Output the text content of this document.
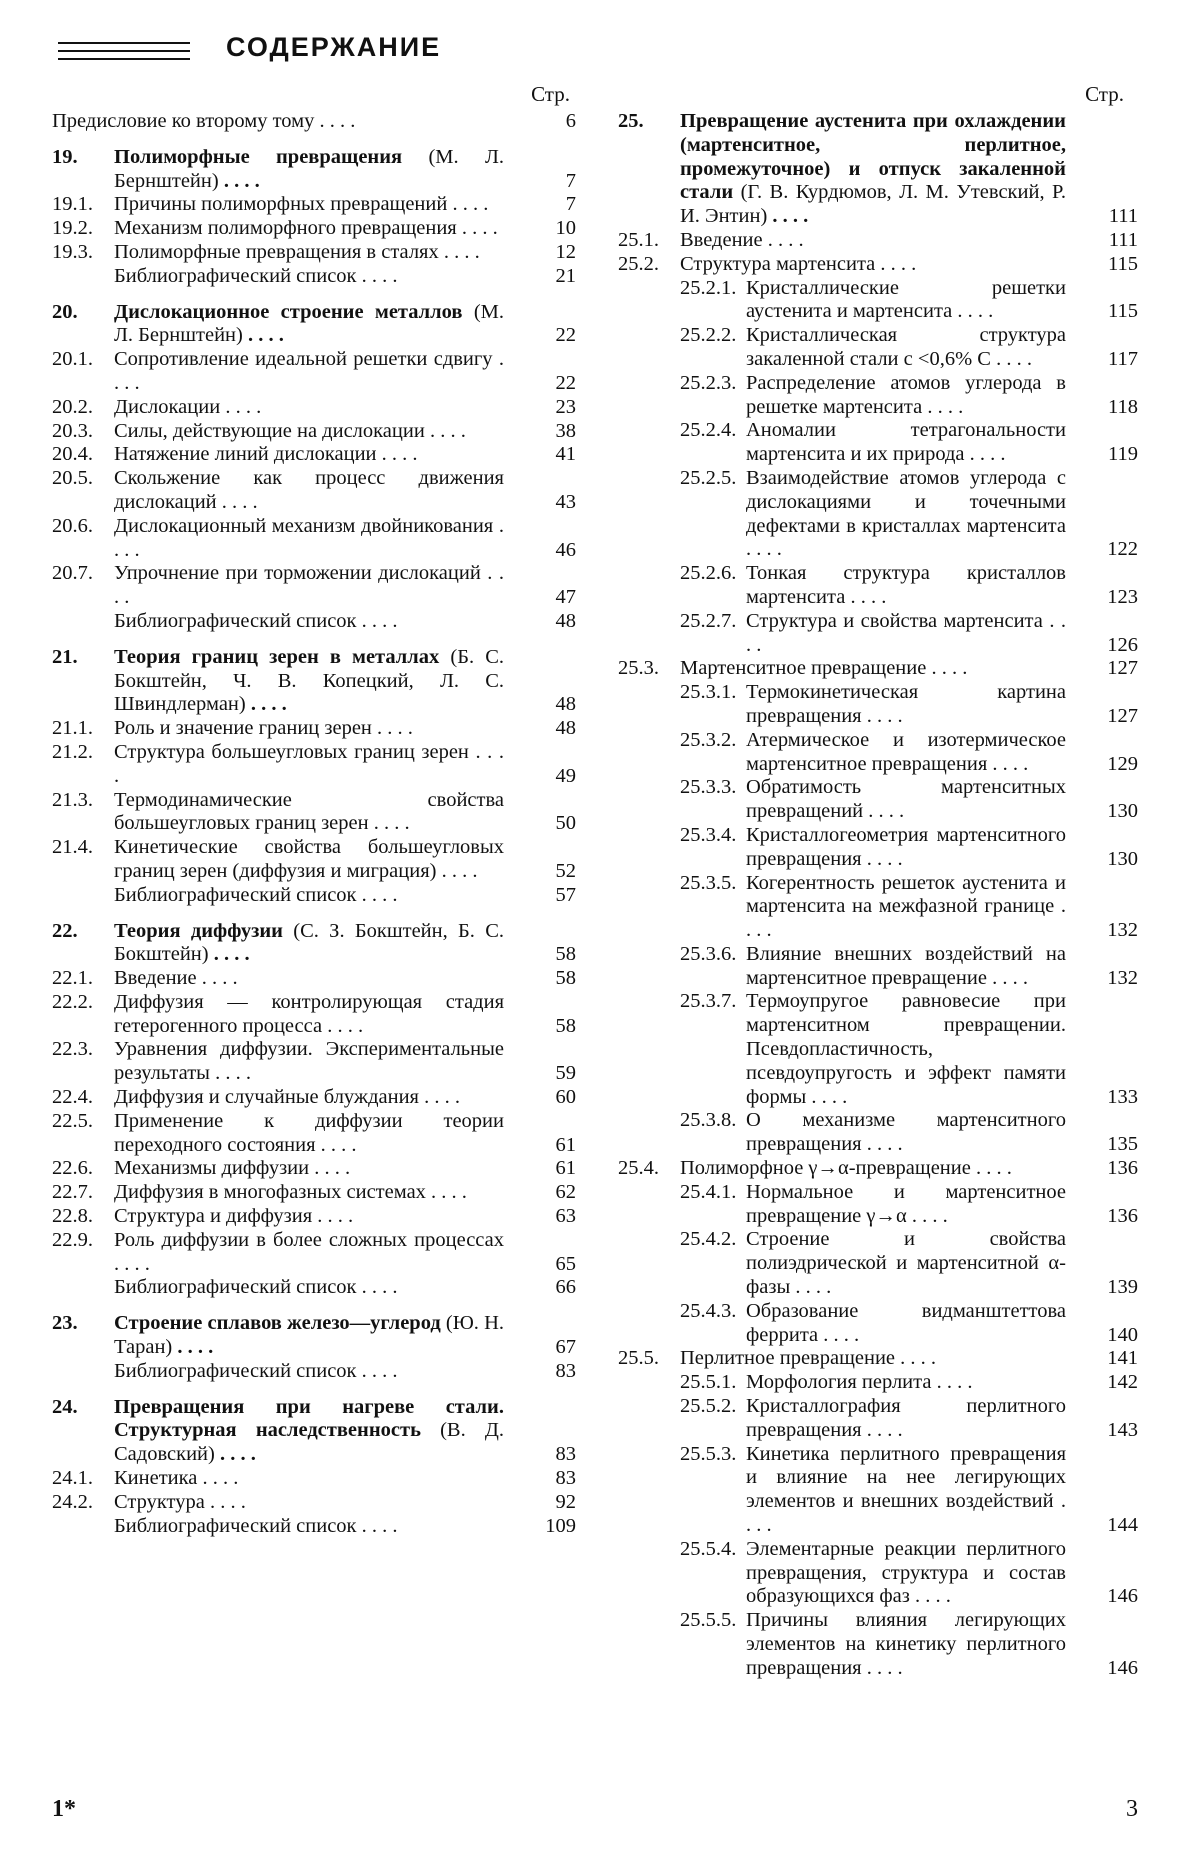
СОДЕРЖАНИЕ
Стр.
Предисловие ко второму тому . . . .	6
19. Полиморфные превращения (М. Л. Бернштейн) . . . .	7
19.1. Причины полиморфных превращений . . . .	7
19.2. Механизм полиморфного превращения . . . .	10
19.3. Полиморфные превращения в сталях . . . .	12
Библиографический список . . . .	21
20. Дислокационное строение металлов (М. Л. Бернштейн) . . . .	22
20.1. Сопротивление идеальной решетки сдвигу . . . .	22
20.2. Дислокации . . . .	23
20.3. Силы, действующие на дислокации . . . .	38
20.4. Натяжение линий дислокации . . . .	41
20.5. Скольжение как процесс движения дислокаций . . . .	43
20.6. Дислокационный механизм двойникования . . . .	46
20.7. Упрочнение при торможении дислокаций . . . .	47
Библиографический список . . . .	48
21. Теория границ зерен в металлах (Б. С. Бокштейн, Ч. В. Копецкий, Л. С. Швиндлерман) . . . .	48
21.1. Роль и значение границ зерен . . . .	48
21.2. Структура большеугловых границ зерен . . . .	49
21.3. Термодинамические свойства большеугловых границ зерен . . . .	50
21.4. Кинетические свойства большеугловых границ зерен (диффузия и миграция) . . . .	52
Библиографический список . . . .	57
22. Теория диффузии (С. З. Бокштейн, Б. С. Бокштейн) . . . .	58
22.1. Введение . . . .	58
22.2. Диффузия — контролирующая стадия гетерогенного процесса . . . .	58
22.3. Уравнения диффузии. Экспериментальные результаты . . . .	59
22.4. Диффузия и случайные блуждания . . . .	60
22.5. Применение к диффузии теории переходного состояния . . . .	61
22.6. Механизмы диффузии . . . .	61
22.7. Диффузия в многофазных системах . . . .	62
22.8. Структура и диффузия . . . .	63
22.9. Роль диффузии в более сложных процессах . . . .	65
Библиографический список . . . .	66
23. Строение сплавов железо—углерод (Ю. Н. Таран) . . . .	67
Библиографический список . . . .	83
24. Превращения при нагреве стали. Структурная наследственность (В. Д. Садовский) . . . .	83
24.1. Кинетика . . . .	83
24.2. Структура . . . .	92
Библиографический список . . . .	109
Стр.
25. Превращение аустенита при охлаждении (мартенситное, перлитное, промежуточное) и отпуск закаленной стали (Г. В. Курдюмов, Л. М. Утевский, Р. И. Энтин) . . . .	111
25.1. Введение . . . .	111
25.2. Структура мартенсита . . . .	115
25.2.1. Кристаллические решетки аустенита и мартенсита . . . .	115
25.2.2. Кристаллическая структура закаленной стали с <0,6% С . . . .	117
25.2.3. Распределение атомов углерода в решетке мартенсита . . . .	118
25.2.4. Аномалии тетрагональности мартенсита и их природа . . . .	119
25.2.5. Взаимодействие атомов углерода с дислокациями и точечными дефектами в кристаллах мартенсита . . . .	122
25.2.6. Тонкая структура кристаллов мартенсита . . . .	123
25.2.7. Структура и свойства мартенсита . . . .	126
25.3. Мартенситное превращение . . . .	127
25.3.1. Термокинетическая картина превращения . . . .	127
25.3.2. Атермическое и изотермическое мартенситное превращения . . . .	129
25.3.3. Обратимость мартенситных превращений . . . .	130
25.3.4. Кристаллогеометрия мартенситного превращения . . . .	130
25.3.5. Когерентность решеток аустенита и мартенсита на межфазной границе . . . .	132
25.3.6. Влияние внешних воздействий на мартенситное превращение . . . .	132
25.3.7. Термоупругое равновесие при мартенситном превращении. Псевдопластичность, псевдоупругость и эффект памяти формы . . . .	133
25.3.8. О механизме мартенситного превращения . . . .	135
25.4. Полиморфное γ→α-превращение . . . .	136
25.4.1. Нормальное и мартенситное превращение γ→α . . . .	136
25.4.2. Строение и свойства полиэдрической и мартенситной α-фазы . . . .	139
25.4.3. Образование видманштеттова феррита . . . .	140
25.5. Перлитное превращение . . . .	141
25.5.1. Морфология перлита . . . .	142
25.5.2. Кристаллография перлитного превращения . . . .	143
25.5.3. Кинетика перлитного превращения и влияние на нее легирующих элементов и внешних воздействий . . . .	144
25.5.4. Элементарные реакции перлитного превращения, структура и состав образующихся фаз . . . .	146
25.5.5. Причины влияния легирующих элементов на кинетику перлитного превращения . . . .	146
1*	3
